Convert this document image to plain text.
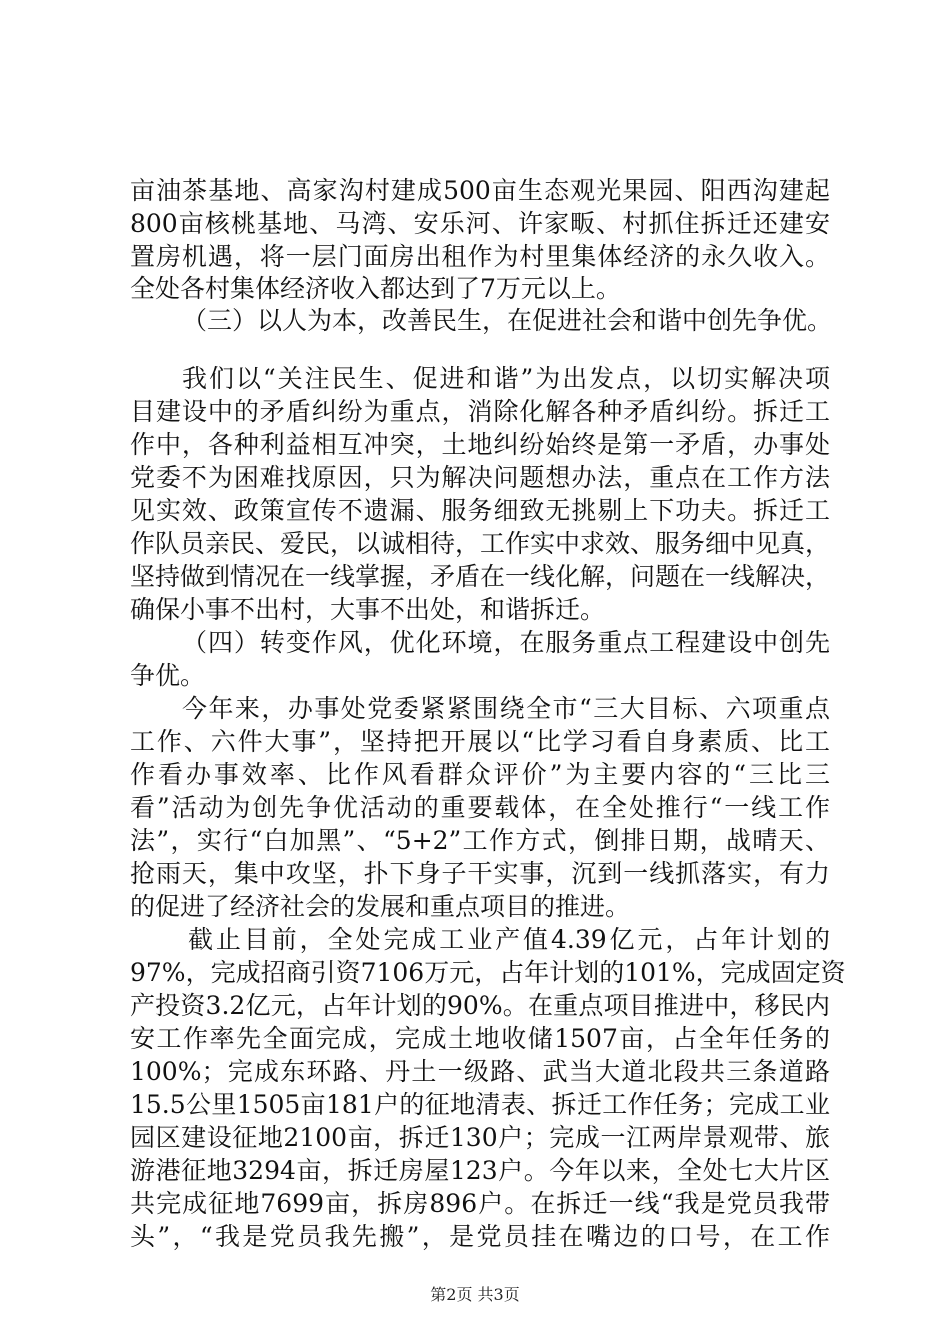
亩油茶基地、高家沟村建成500亩生态观光果园、阳西沟建起
800亩核桃基地、马湾、安乐河、许家畈、村抓住拆迁还建安
置房机遇，将一层门面房出租作为村里集体经济的永久收入。
全处各村集体经济收入都达到了7万元以上。
（三）以人为本，改善民生，在促进社会和谐中创先争优。
我们以“关注民生、促进和谐”为出发点，以切实解决项
目建设中的矛盾纠纷为重点，消除化解各种矛盾纠纷。拆迁工
作中，各种利益相互冲突，土地纠纷始终是第一矛盾，办事处
党委不为困难找原因，只为解决问题想办法，重点在工作方法
见实效、政策宣传不遗漏、服务细致无挑剔上下功夫。拆迁工
作队员亲民、爱民，以诚相待，工作实中求效、服务细中见真，
坚持做到情况在一线掌握，矛盾在一线化解，问题在一线解决，
确保小事不出村，大事不出处，和谐拆迁。
（四）转变作风，优化环境，在服务重点工程建设中创先
争优。
今年来，办事处党委紧紧围绕全市“三大目标、六项重点
工作、六件大事”，坚持把开展以“比学习看自身素质、比工
作看办事效率、比作风看群众评价”为主要内容的“三比三
看”活动为创先争优活动的重要载体，在全处推行“一线工作
法”，实行“白加黑”、“5+2”工作方式，倒排日期，战晴天、
抢雨天，集中攻坚，扑下身子干实事，沉到一线抓落实，有力
的促进了经济社会的发展和重点项目的推进。
截止目前，全处完成工业产值4.39亿元，占年计划的
97%，完成招商引资7106万元，占年计划的101%，完成固定资
产投资3.2亿元，占年计划的90%。在重点项目推进中，移民内
安工作率先全面完成，完成土地收储1507亩，占全年任务的
100%；完成东环路、丹土一级路、武当大道北段共三条道路
15.5公里1505亩181户的征地清表、拆迁工作任务；完成工业
园区建设征地2100亩，拆迁130户；完成一江两岸景观带、旅
游港征地3294亩，拆迁房屋123户。今年以来，全处七大片区
共完成征地7699亩，拆房896户。在拆迁一线“我是党员我带
头”，“我是党员我先搬”，是党员挂在嘴边的口号，在工作
第2页 共3页
